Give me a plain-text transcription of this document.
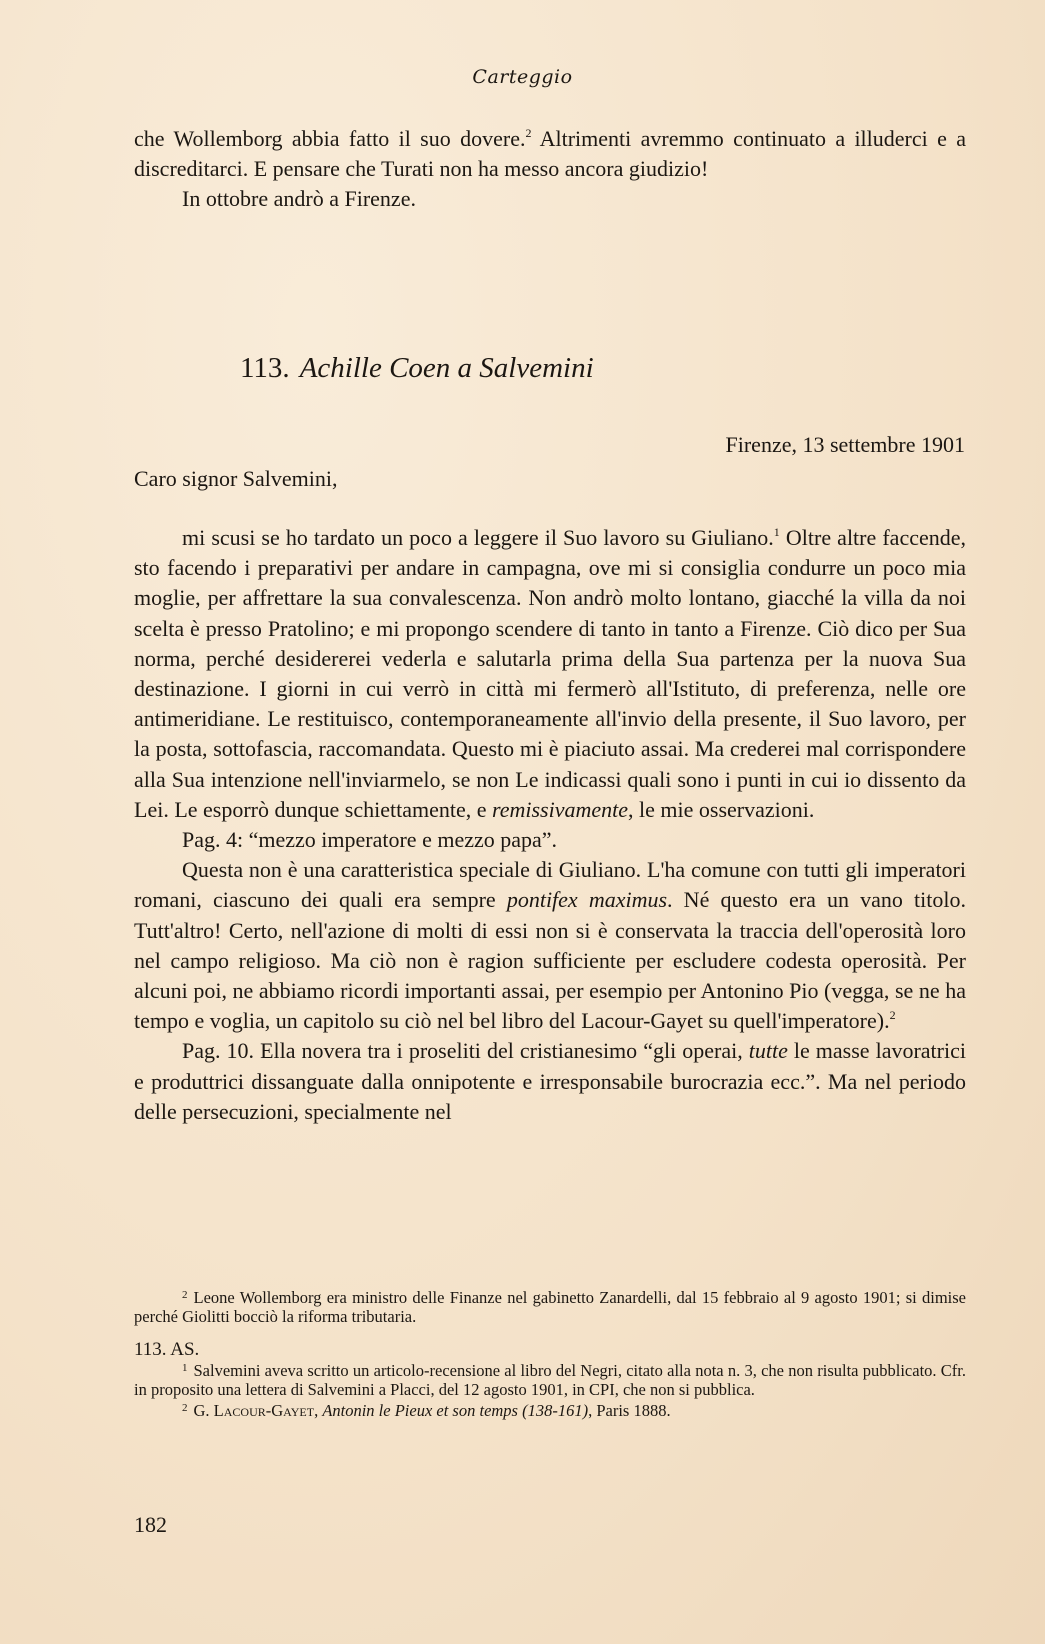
Carteggio

che Wollemborg abbia fatto il suo dovere.$^2$ Altrimenti avremmo continuato a illuderci e a discreditarci. E pensare che Turati non ha messo ancora giudizio!

In ottobre andrò a Firenze.

113. Achille Coen a Salvemini
Firenze, 13 settembre 1901
Caro signor Salvemini,

mi scusi se ho tardato un poco a leggere il Suo lavoro su Giuliano.$^1$ Oltre altre faccende, sto facendo i preparativi per andare in campagna, ove mi si consiglia condurre un poco mia moglie, per affrettare la sua convalescenza. Non andrò molto lontano, giacché la villa da noi scelta è presso Pratolino; e mi propongo scendere di tanto in tanto a Firenze. Ciò dico per Sua norma, perché desidererei vederla e salutarla prima della Sua partenza per la nuova Sua destinazione. I giorni in cui verrò in città mi fermerò all'Istituto, di preferenza, nelle ore antimeridiane. Le restituisco, contemporaneamente all'invio della presente, il Suo lavoro, per la posta, sottofascia, raccomandata. Questo mi è piaciuto assai. Ma crederei mal corrispondere alla Sua intenzione nell'inviarmelo, se non Le indicassi quali sono i punti in cui io dissento da Lei. Le esporrò dunque schiettamente, e remissivamente, le mie osservazioni.

Pag. 4: “mezzo imperatore e mezzo papa”.

Questa non è una caratteristica speciale di Giuliano. L'ha comune con tutti gli imperatori romani, ciascuno dei quali era sempre pontifex maximus. Né questo era un vano titolo. Tutt'altro! Certo, nell'azione di molti di essi non si è conservata la traccia dell'operosità loro nel campo religioso. Ma ciò non è ragion sufficiente per escludere codesta operosità. Per alcuni poi, ne abbiamo ricordi importanti assai, per esempio per Antonino Pio (vegga, se ne ha tempo e voglia, un capitolo su ciò nel bel libro del Lacour-Gayet su quell'imperatore).$^2$

Pag. 10. Ella novera tra i proseliti del cristianesimo “gli operai, tutte le masse lavoratrici e produttrici dissanguate dalla onnipotente e irresponsabile burocrazia ecc.”. Ma nel periodo delle persecuzioni, specialmente nel

$^2$ Leone Wollemborg era ministro delle Finanze nel gabinetto Zanardelli, dal 15 febbraio al 9 agosto 1901; si dimise perché Giolitti bocciò la riforma tributaria.

113. AS.

$^1$ Salvemini aveva scritto un articolo-recensione al libro del Negri, citato alla nota n. 3, che non risulta pubblicato. Cfr. in proposito una lettera di Salvemini a Placci, del 12 agosto 1901, in CPI, che non si pubblica.

$^2$ G. Lacour-Gayet, Antonin le Pieux et son temps (138-161), Paris 1888.

182
